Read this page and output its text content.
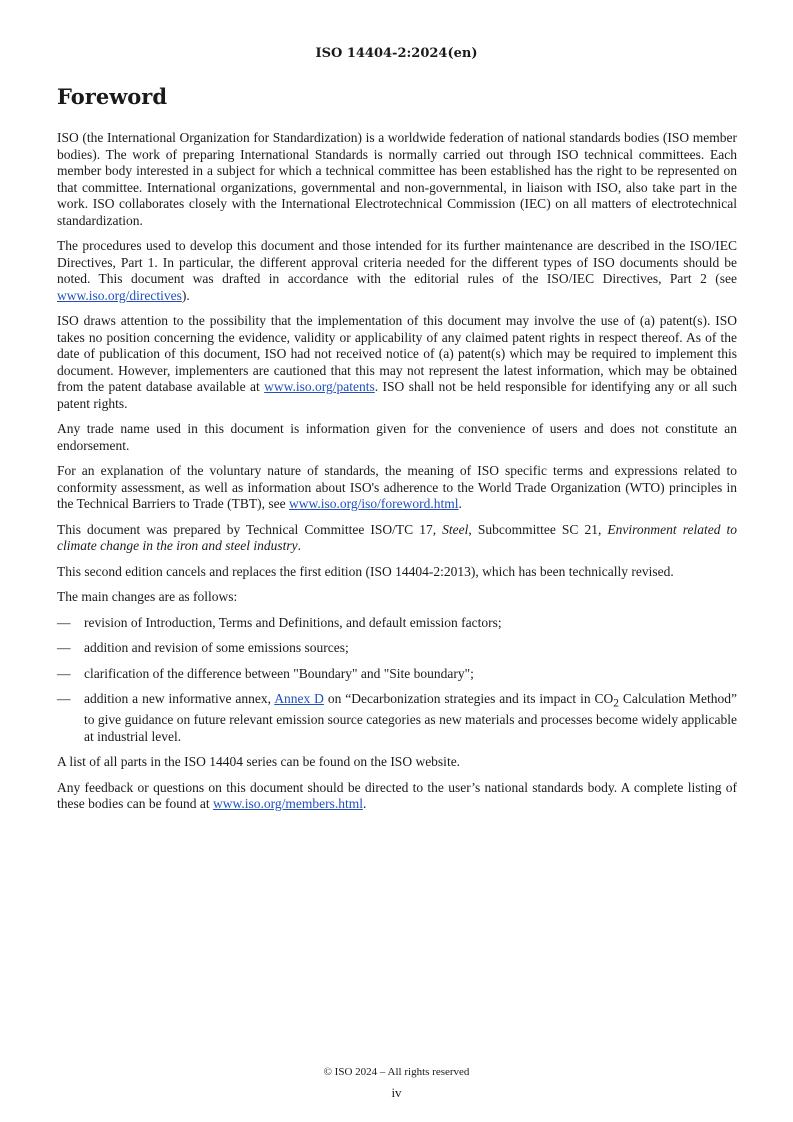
ISO 14404-2:2024(en)
Foreword

ISO (the International Organization for Standardization) is a worldwide federation of national standards bodies (ISO member bodies). The work of preparing International Standards is normally carried out through ISO technical committees. Each member body interested in a subject for which a technical committee has been established has the right to be represented on that committee. International organizations, governmental and non-governmental, in liaison with ISO, also take part in the work. ISO collaborates closely with the International Electrotechnical Commission (IEC) on all matters of electrotechnical standardization.

The procedures used to develop this document and those intended for its further maintenance are described in the ISO/IEC Directives, Part 1. In particular, the different approval criteria needed for the different types of ISO documents should be noted. This document was drafted in accordance with the editorial rules of the ISO/IEC Directives, Part 2 (see www.iso.org/directives).

ISO draws attention to the possibility that the implementation of this document may involve the use of (a) patent(s). ISO takes no position concerning the evidence, validity or applicability of any claimed patent rights in respect thereof. As of the date of publication of this document, ISO had not received notice of (a) patent(s) which may be required to implement this document. However, implementers are cautioned that this may not represent the latest information, which may be obtained from the patent database available at www.iso.org/patents. ISO shall not be held responsible for identifying any or all such patent rights.

Any trade name used in this document is information given for the convenience of users and does not constitute an endorsement.

For an explanation of the voluntary nature of standards, the meaning of ISO specific terms and expressions related to conformity assessment, as well as information about ISO's adherence to the World Trade Organization (WTO) principles in the Technical Barriers to Trade (TBT), see www.iso.org/iso/foreword.html.

This document was prepared by Technical Committee ISO/TC 17, Steel, Subcommittee SC 21, Environment related to climate change in the iron and steel industry.

This second edition cancels and replaces the first edition (ISO 14404-2:2013), which has been technically revised.

The main changes are as follows:

— revision of Introduction, Terms and Definitions, and default emission factors;
— addition and revision of some emissions sources;
— clarification of the difference between "Boundary" and "Site boundary";
— addition a new informative annex, Annex D on “Decarbonization strategies and its impact in $CO_2$ Calculation Method” to give guidance on future relevant emission source categories as new materials and processes become widely applicable at industrial level.

A list of all parts in the ISO 14404 series can be found on the ISO website.

Any feedback or questions on this document should be directed to the user’s national standards body. A complete listing of these bodies can be found at www.iso.org/members.html.

© ISO 2024 – All rights reserved
iv
